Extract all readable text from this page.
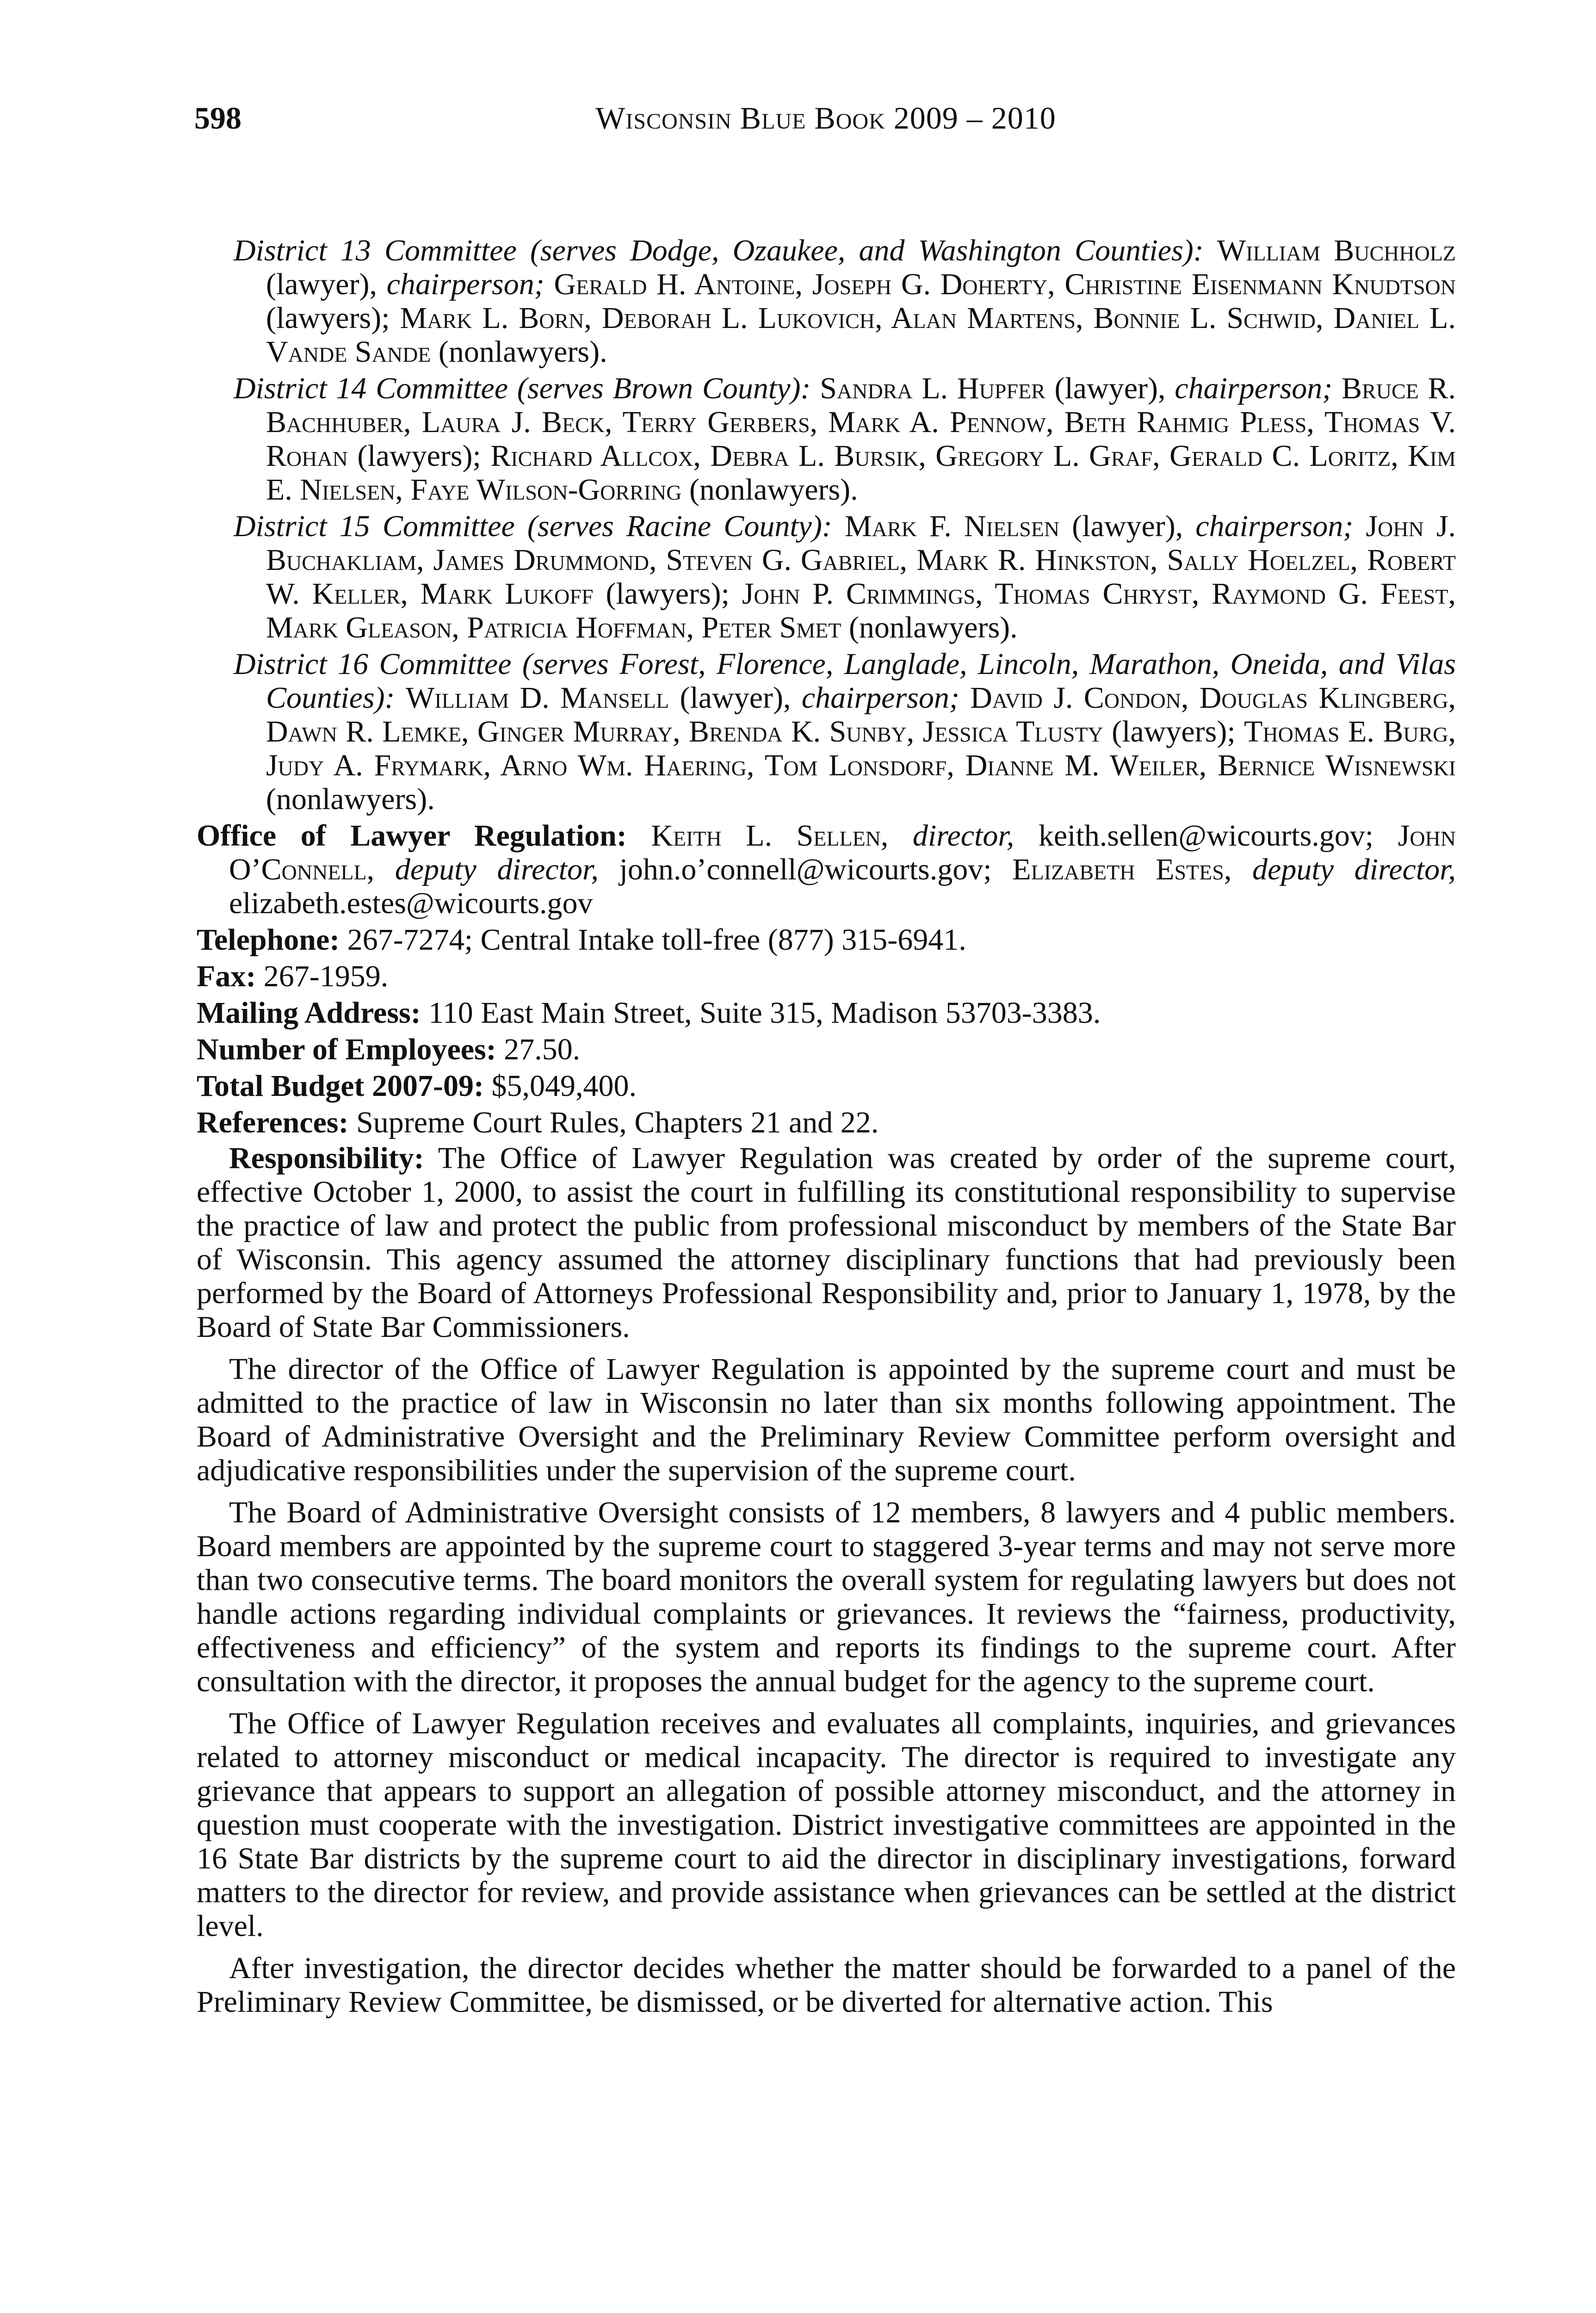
598	Wisconsin Blue Book 2009 – 2010

District 13 Committee (serves Dodge, Ozaukee, and Washington Counties): William Buchholz (lawyer), chairperson; Gerald H. Antoine, Joseph G. Doherty, Christine Eisenmann Knudtson (lawyers); Mark L. Born, Deborah L. Lukovich, Alan Martens, Bonnie L. Schwid, Daniel L. Vande Sande (nonlawyers).

District 14 Committee (serves Brown County): Sandra L. Hupfer (lawyer), chairperson; Bruce R. Bachhuber, Laura J. Beck, Terry Gerbers, Mark A. Pennow, Beth Rahmig Pless, Thomas V. Rohan (lawyers); Richard Allcox, Debra L. Bursik, Gregory L. Graf, Gerald C. Loritz, Kim E. Nielsen, Faye Wilson-Gorring (nonlawyers).

District 15 Committee (serves Racine County): Mark F. Nielsen (lawyer), chairperson; John J. Buchakliam, James Drummond, Steven G. Gabriel, Mark R. Hinkston, Sally Hoelzel, Robert W. Keller, Mark Lukoff (lawyers); John P. Crimmings, Thomas Chryst, Raymond G. Feest, Mark Gleason, Patricia Hoffman, Peter Smet (nonlawyers).

District 16 Committee (serves Forest, Florence, Langlade, Lincoln, Marathon, Oneida, and Vilas Counties): William D. Mansell (lawyer), chairperson; David J. Condon, Douglas Klingberg, Dawn R. Lemke, Ginger Murray, Brenda K. Sunby, Jessica Tlusty (lawyers); Thomas E. Burg, Judy A. Frymark, Arno Wm. Haering, Tom Lonsdorf, Dianne M. Weiler, Bernice Wisnewski (nonlawyers).

Office of Lawyer Regulation: Keith L. Sellen, director, keith.sellen@wicourts.gov; John O’Connell, deputy director, john.o’connell@wicourts.gov; Elizabeth Estes, deputy director, elizabeth.estes@wicourts.gov

Telephone: 267-7274; Central Intake toll-free (877) 315-6941.

Fax: 267-1959.

Mailing Address: 110 East Main Street, Suite 315, Madison 53703-3383.

Number of Employees: 27.50.

Total Budget 2007-09: $5,049,400.

References: Supreme Court Rules, Chapters 21 and 22.

Responsibility: The Office of Lawyer Regulation was created by order of the supreme court, effective October 1, 2000, to assist the court in fulfilling its constitutional responsibility to supervise the practice of law and protect the public from professional misconduct by members of the State Bar of Wisconsin. This agency assumed the attorney disciplinary functions that had previously been performed by the Board of Attorneys Professional Responsibility and, prior to January 1, 1978, by the Board of State Bar Commissioners.

The director of the Office of Lawyer Regulation is appointed by the supreme court and must be admitted to the practice of law in Wisconsin no later than six months following appointment. The Board of Administrative Oversight and the Preliminary Review Committee perform oversight and adjudicative responsibilities under the supervision of the supreme court.

The Board of Administrative Oversight consists of 12 members, 8 lawyers and 4 public members. Board members are appointed by the supreme court to staggered 3-year terms and may not serve more than two consecutive terms. The board monitors the overall system for regulating lawyers but does not handle actions regarding individual complaints or grievances. It reviews the “fairness, productivity, effectiveness and efficiency” of the system and reports its findings to the supreme court. After consultation with the director, it proposes the annual budget for the agency to the supreme court.

The Office of Lawyer Regulation receives and evaluates all complaints, inquiries, and grievances related to attorney misconduct or medical incapacity. The director is required to investigate any grievance that appears to support an allegation of possible attorney misconduct, and the attorney in question must cooperate with the investigation. District investigative committees are appointed in the 16 State Bar districts by the supreme court to aid the director in disciplinary investigations, forward matters to the director for review, and provide assistance when grievances can be settled at the district level.

After investigation, the director decides whether the matter should be forwarded to a panel of the Preliminary Review Committee, be dismissed, or be diverted for alternative action. This
